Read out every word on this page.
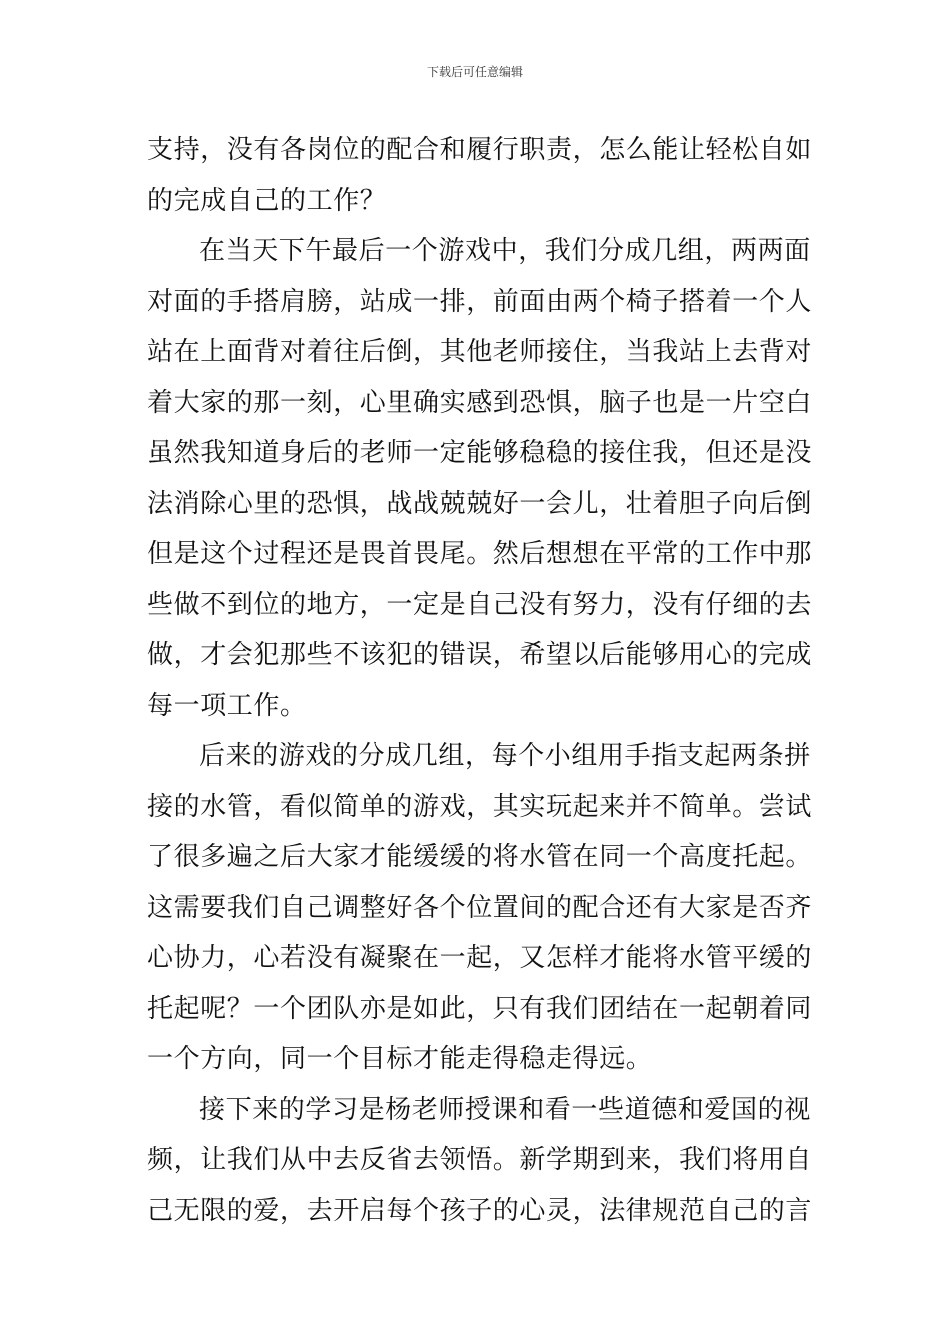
下载后可任意编辑
支持，没有各岗位的配合和履行职责，怎么能让轻松自如
的完成自己的工作？
在当天下午最后一个游戏中，我们分成几组，两两面
对面的手搭肩膀，站成一排，前面由两个椅子搭着一个人
站在上面背对着往后倒，其他老师接住，当我站上去背对
着大家的那一刻，心里确实感到恐惧，脑子也是一片空白
虽然我知道身后的老师一定能够稳稳的接住我，但还是没
法消除心里的恐惧，战战兢兢好一会儿，壮着胆子向后倒
但是这个过程还是畏首畏尾。然后想想在平常的工作中那
些做不到位的地方，一定是自己没有努力，没有仔细的去
做，才会犯那些不该犯的错误，希望以后能够用心的完成
每一项工作。
后来的游戏的分成几组，每个小组用手指支起两条拼
接的水管，看似简单的游戏，其实玩起来并不简单。尝试
了很多遍之后大家才能缓缓的将水管在同一个高度托起。
这需要我们自己调整好各个位置间的配合还有大家是否齐
心协力，心若没有凝聚在一起，又怎样才能将水管平缓的
托起呢？一个团队亦是如此，只有我们团结在一起朝着同
一个方向，同一个目标才能走得稳走得远。
接下来的学习是杨老师授课和看一些道德和爱国的视
频，让我们从中去反省去领悟。新学期到来，我们将用自
己无限的爱，去开启每个孩子的心灵，法律规范自己的言
